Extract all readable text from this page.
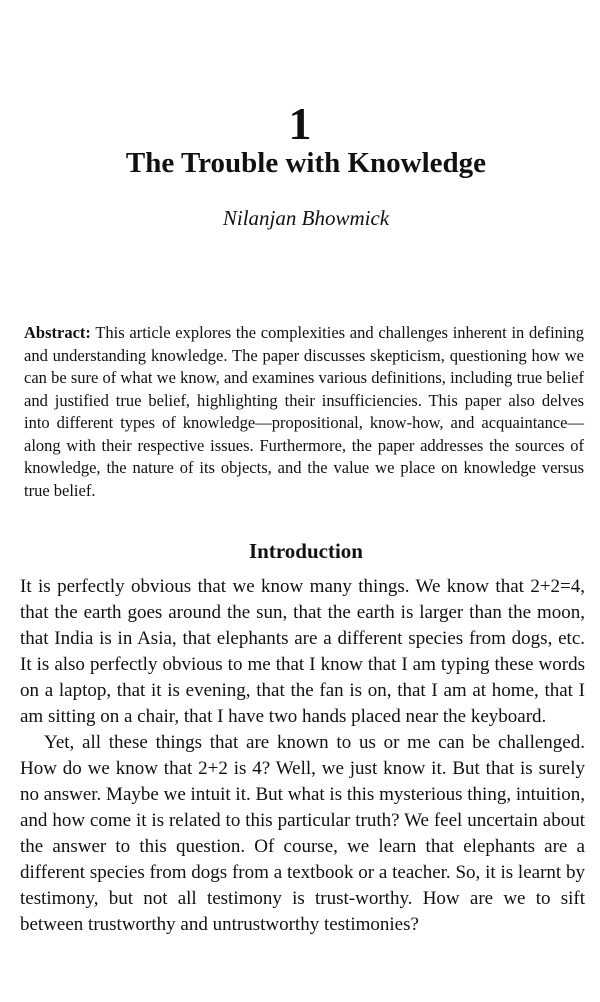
1
The Trouble with Knowledge
Nilanjan Bhowmick

Abstract: This article explores the complexities and challenges inherent in defining and understanding knowledge. The paper discusses skepticism, questioning how we can be sure of what we know, and examines various definitions, including true belief and justified true belief, highlighting their insufficiencies. This paper also delves into different types of knowledge—propositional, know-how, and acquaintance—along with their respective issues. Furthermore, the paper addresses the sources of knowledge, the nature of its objects, and the value we place on knowledge versus true belief.

Introduction

It is perfectly obvious that we know many things. We know that 2+2=4, that the earth goes around the sun, that the earth is larger than the moon, that India is in Asia, that elephants are a different species from dogs, etc. It is also perfectly obvious to me that I know that I am typing these words on a laptop, that it is evening, that the fan is on, that I am at home, that I am sitting on a chair, that I have two hands placed near the keyboard.

Yet, all these things that are known to us or me can be challenged. How do we know that 2+2 is 4? Well, we just know it. But that is surely no answer. Maybe we intuit it. But what is this mysterious thing, intuition, and how come it is related to this particular truth? We feel uncertain about the answer to this question. Of course, we learn that elephants are a different species from dogs from a textbook or a teacher. So, it is learnt by testimony, but not all testimony is trust-worthy. How are we to sift between trustworthy and untrustworthy testimonies?
